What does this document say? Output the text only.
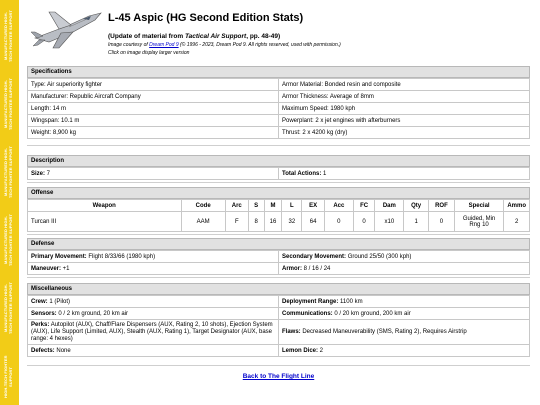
MANUFACTURED HIGH-TECH FIGHTER SUPPORT
MANUFACTURED HIGH-TECH FIGHTER SUPPORT
MANUFACTURED HIGH-TECH FIGHTER SUPPORT
MANUFACTURED HIGH-TECH FIGHTER SUPPORT
MANUFACTURED HIGH-TECH FIGHTER SUPPORT
HIGH-TECH FIGHTER SUPPORT
L-45 Aspic (HG Second Edition Stats)
(Update of material from Tactical Air Support, pp. 48-49)
Image courtesy of Dream Pod 9 (© 1996 - 2023, Dream Pod 9. All rights reserved, used with permission.)
Click on image display larger version
Specifications
Type: Air superiority fighter	Armor Material: Bonded resin and composite
Manufacturer: Republic Aircraft Company	Armor Thickness: Average of 8mm
Length: 14 m	Maximum Speed: 1980 kph
Wingspan: 10.1 m	Powerplant: 2 x jet engines with afterburners
Weight: 8,900 kg	Thrust: 2 x 4200 kg (dry)
Description
Size: 7	Total Actions: 1
Offense
Weapon	Code	Arc	S	M	L	EX	Acc	FC	Dam	Qty	ROF	Special	Ammo
Turcan III	AAM	F	8	16	32	64	0	0	x10	1	0	Guided, Min Rng 10	2
Defense
Primary Movement: Flight 8/33/66 (1980 kph)	Secondary Movement: Ground 25/50 (300 kph)
Maneuver: +1	Armor: 8 / 16 / 24
Miscellaneous
Crew: 1 (Pilot)	Deployment Range: 1100 km
Sensors: 0 / 2 km ground, 20 km air	Communications: 0 / 20 km ground, 200 km air
Perks: Autopilot (AUX), Chaff/Flare Dispensers (AUX, Rating 2, 10 shots), Ejection System (AUX), Life Support (Limited, AUX), Stealth (AUX, Rating 1), Target Designator (AUX, base range: 4 hexes)	Flaws: Decreased Maneuverability (SMS, Rating 2), Requires Airstrip
Defects: None	Lemon Dice: 2
Back to The Flight Line
